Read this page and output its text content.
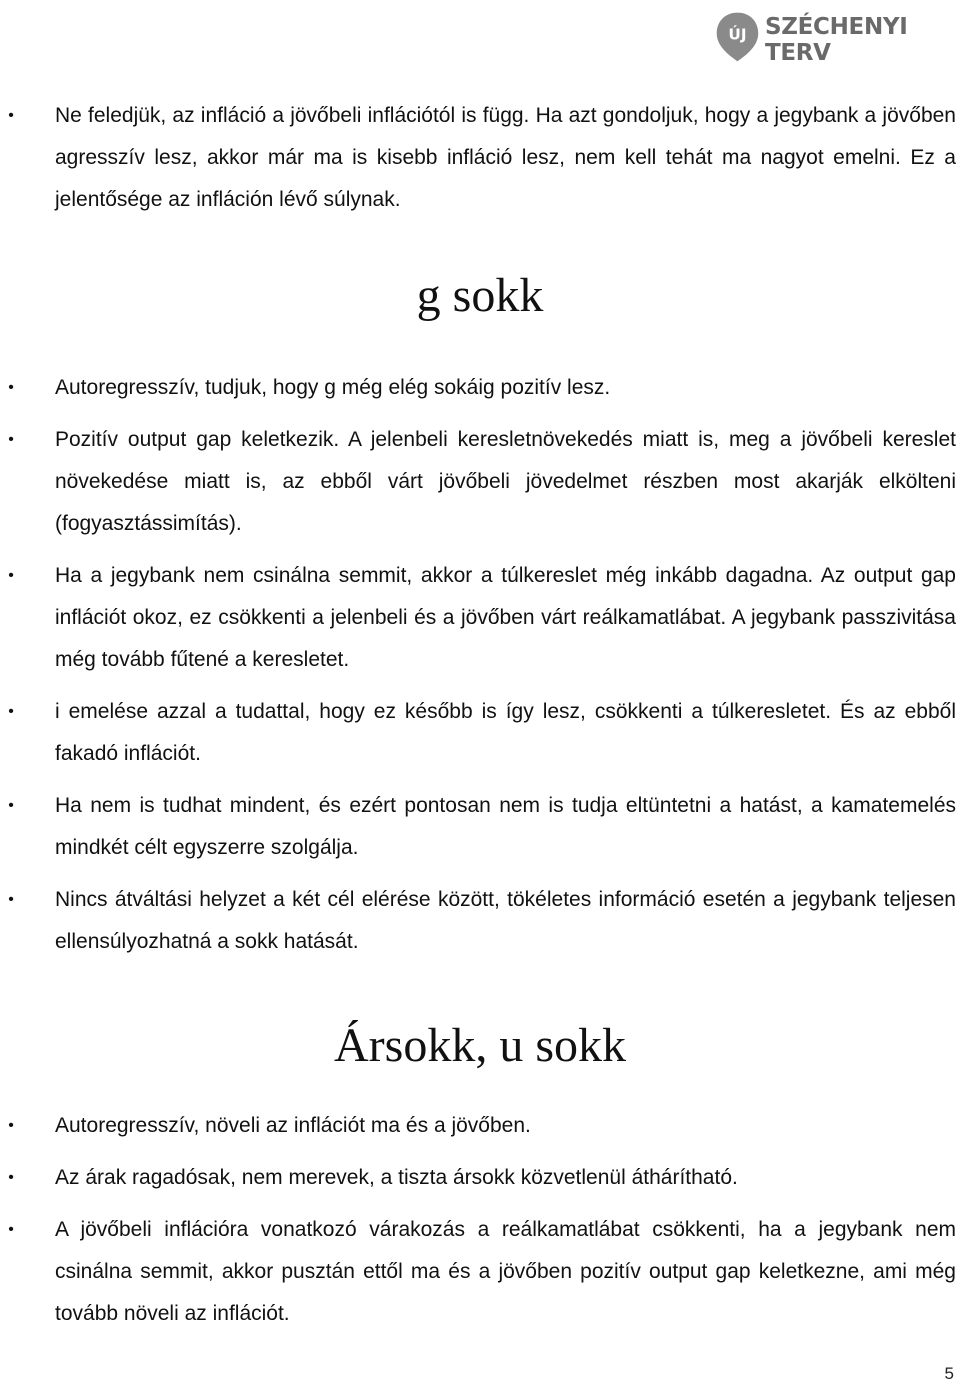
ÚJ SZÉCHENYI TERV
• Ne feledjük, az infláció a jövőbeli inflációtól is függ. Ha azt gondoljuk, hogy a jegybank a jövőben agresszív lesz, akkor már ma is kisebb infláció lesz, nem kell tehát ma nagyot emelni. Ez a jelentősége az infláción lévő súlynak.
g sokk
• Autoregresszív, tudjuk, hogy g még elég sokáig pozitív lesz.
• Pozitív output gap keletkezik. A jelenbeli keresletnövekedés miatt is, meg a jövőbeli kereslet növekedése miatt is, az ebből várt jövőbeli jövedelmet részben most akarják elkölteni (fogyasztássimítás).
• Ha a jegybank nem csinálna semmit, akkor a túlkereslet még inkább dagadna. Az output gap inflációt okoz, ez csökkenti a jelenbeli és a jövőben várt reálkamatlábat. A jegybank passzivitása még tovább fűtené a keresletet.
• i emelése azzal a tudattal, hogy ez később is így lesz, csökkenti a túlkeresletet. És az ebből fakadó inflációt.
• Ha nem is tudhat mindent, és ezért pontosan nem is tudja eltüntetni a hatást, a kamatemelés mindkét célt egyszerre szolgálja.
• Nincs átváltási helyzet a két cél elérése között, tökéletes információ esetén a jegybank teljesen ellensúlyozhatná a sokk hatását.
Ársokk, u sokk
• Autoregresszív, növeli az inflációt ma és a jövőben.
• Az árak ragadósak, nem merevek, a tiszta ársokk közvetlenül áthárítható.
• A jövőbeli inflációra vonatkozó várakozás a reálkamatlábat csökkenti, ha a jegybank nem csinálna semmit, akkor pusztán ettől ma és a jövőben pozitív output gap keletkezne, ami még tovább növeli az inflációt.
5
